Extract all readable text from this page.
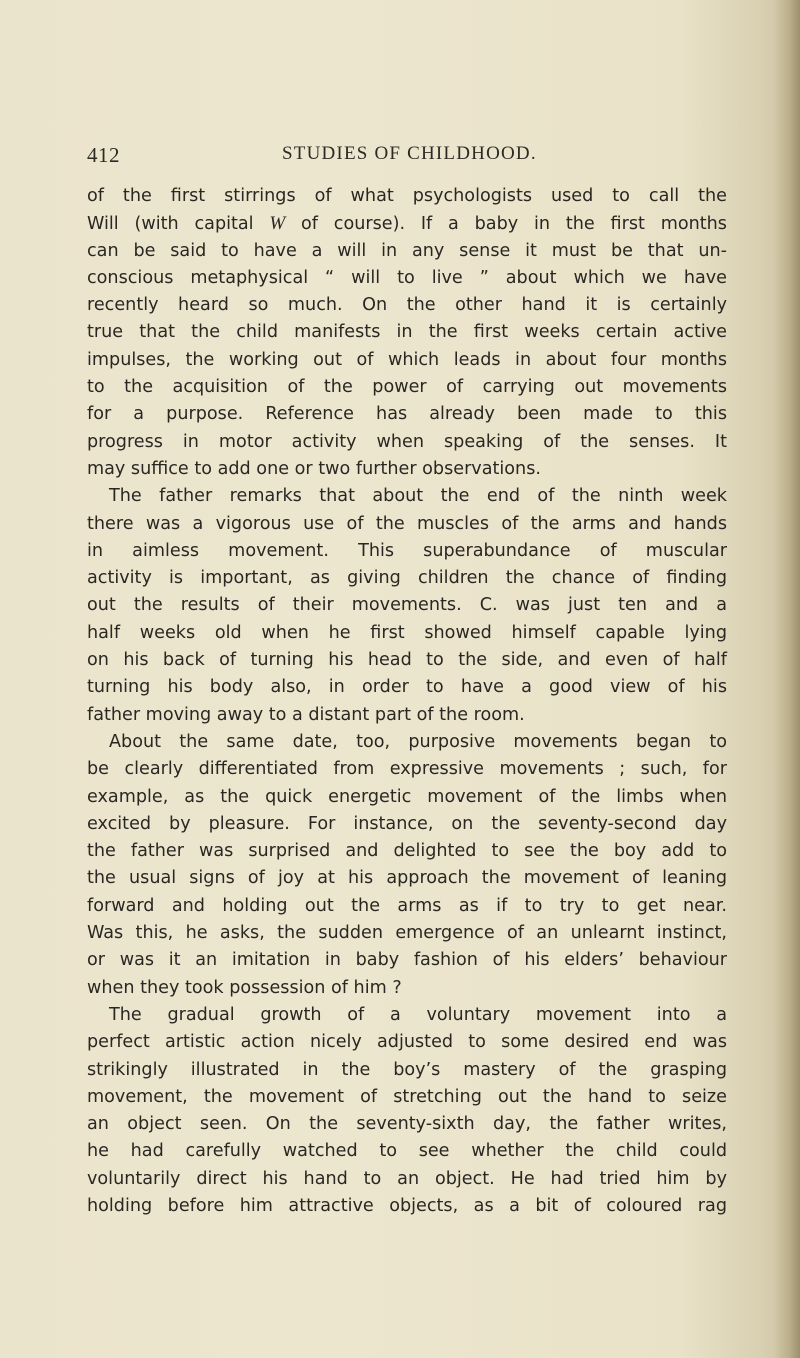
412	STUDIES OF CHILDHOOD.
of the first stirrings of what psychologists used to call the
Will (with capital W of course). If a baby in the first months
can be said to have a will in any sense it must be that un-
conscious metaphysical “ will to live ” about which we have
recently heard so much. On the other hand it is certainly
true that the child manifests in the first weeks certain active
impulses, the working out of which leads in about four months
to the acquisition of the power of carrying out movements
for a purpose. Reference has already been made to this
progress in motor activity when speaking of the senses. It
may suffice to add one or two further observations.
The father remarks that about the end of the ninth week
there was a vigorous use of the muscles of the arms and hands
in aimless movement. This superabundance of muscular
activity is important, as giving children the chance of finding
out the results of their movements. C. was just ten and a
half weeks old when he first showed himself capable lying
on his back of turning his head to the side, and even of half
turning his body also, in order to have a good view of his
father moving away to a distant part of the room.
About the same date, too, purposive movements began to
be clearly differentiated from expressive movements ; such, for
example, as the quick energetic movement of the limbs when
excited by pleasure. For instance, on the seventy-second day
the father was surprised and delighted to see the boy add to
the usual signs of joy at his approach the movement of leaning
forward and holding out the arms as if to try to get near.
Was this, he asks, the sudden emergence of an unlearnt instinct,
or was it an imitation in baby fashion of his elders’ behaviour
when they took possession of him ?
The gradual growth of a voluntary movement into a
perfect artistic action nicely adjusted to some desired end was
strikingly illustrated in the boy’s mastery of the grasping
movement, the movement of stretching out the hand to seize
an object seen. On the seventy-sixth day, the father writes,
he had carefully watched to see whether the child could
voluntarily direct his hand to an object. He had tried him by
holding before him attractive objects, as a bit of coloured rag
